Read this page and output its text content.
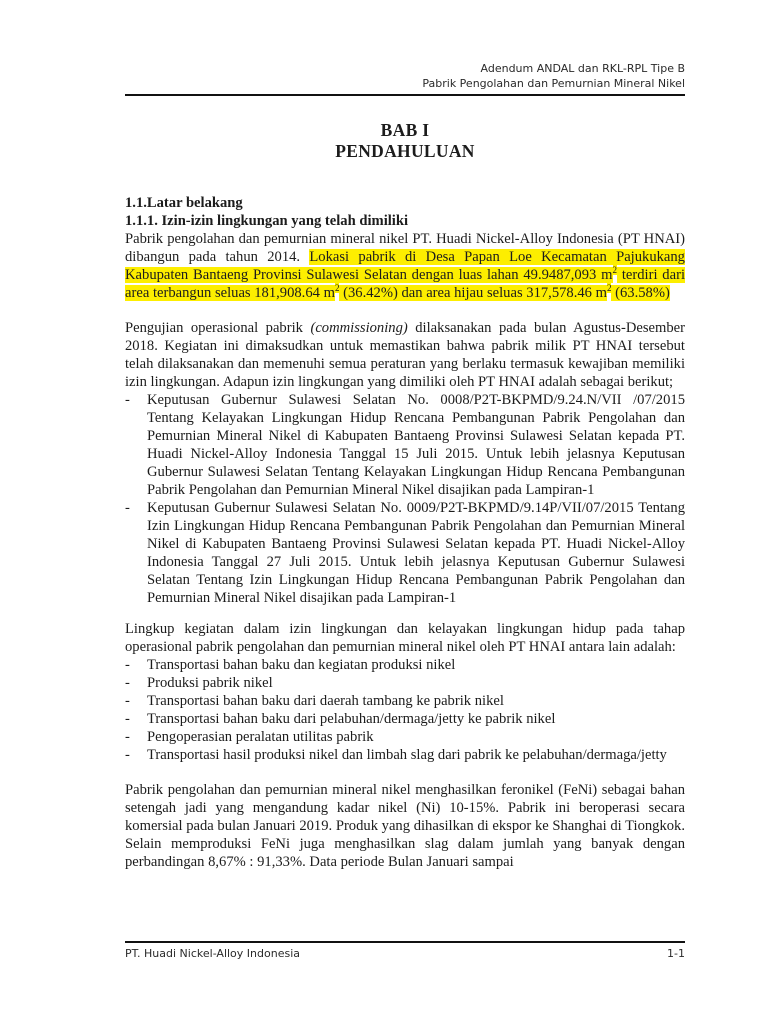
Adendum ANDAL dan RKL-RPL Tipe B
Pabrik Pengolahan dan Pemurnian Mineral Nikel
BAB I
PENDAHULUAN
1.1.Latar belakang
1.1.1. Izin-izin lingkungan yang telah dimiliki

Pabrik pengolahan dan pemurnian mineral nikel PT. Huadi Nickel-Alloy Indonesia (PT HNAI) dibangun pada tahun 2014. Lokasi pabrik di Desa Papan Loe Kecamatan Pajukukang Kabupaten Bantaeng Provinsi Sulawesi Selatan dengan luas lahan 49.9487,093 $m^2$ terdiri dari area terbangun seluas 181,908.64 $m^2$ (36.42%) dan area hijau seluas 317,578.46 $m^2$ (63.58%)

Pengujian operasional pabrik (commissioning) dilaksanakan pada bulan Agustus-Desember 2018. Kegiatan ini dimaksudkan untuk memastikan bahwa pabrik milik PT HNAI tersebut telah dilaksanakan dan memenuhi semua peraturan yang berlaku termasuk kewajiban memiliki izin lingkungan. Adapun izin lingkungan yang dimiliki oleh PT HNAI adalah sebagai berikut;

-	Keputusan Gubernur Sulawesi Selatan No. 0008/P2T-BKPMD/9.24.N/VII /07/2015 Tentang Kelayakan Lingkungan Hidup Rencana Pembangunan Pabrik Pengolahan dan Pemurnian Mineral Nikel di Kabupaten Bantaeng Provinsi Sulawesi Selatan kepada PT. Huadi Nickel-Alloy Indonesia Tanggal 15 Juli 2015. Untuk lebih jelasnya Keputusan Gubernur Sulawesi Selatan Tentang Kelayakan Lingkungan Hidup Rencana Pembangunan Pabrik Pengolahan dan Pemurnian Mineral Nikel disajikan pada Lampiran-1
-	Keputusan Gubernur Sulawesi Selatan No. 0009/P2T-BKPMD/9.14P/VII/07/2015 Tentang Izin Lingkungan Hidup Rencana Pembangunan Pabrik Pengolahan dan Pemurnian Mineral Nikel di Kabupaten Bantaeng Provinsi Sulawesi Selatan kepada PT. Huadi Nickel-Alloy Indonesia Tanggal 27 Juli 2015. Untuk lebih jelasnya Keputusan Gubernur Sulawesi Selatan Tentang Izin Lingkungan Hidup Rencana Pembangunan Pabrik Pengolahan dan Pemurnian Mineral Nikel disajikan pada Lampiran-1

Lingkup kegiatan dalam izin lingkungan dan kelayakan lingkungan hidup pada tahap operasional pabrik pengolahan dan pemurnian mineral nikel oleh PT HNAI antara lain adalah:

-	Transportasi bahan baku dan kegiatan produksi nikel
-	Produksi pabrik nikel
-	Transportasi bahan baku dari daerah tambang ke pabrik nikel
-	Transportasi bahan baku dari pelabuhan/dermaga/jetty ke pabrik nikel
-	Pengoperasian peralatan utilitas pabrik
-	Transportasi hasil produksi nikel dan limbah slag dari pabrik ke pelabuhan/dermaga/jetty

Pabrik pengolahan dan pemurnian mineral nikel menghasilkan feronikel (FeNi) sebagai bahan setengah jadi yang mengandung kadar nikel (Ni) 10-15%. Pabrik ini beroperasi secara komersial pada bulan Januari 2019. Produk yang dihasilkan di ekspor ke Shanghai di Tiongkok. Selain memproduksi FeNi juga menghasilkan slag dalam jumlah yang banyak dengan perbandingan 8,67% : 91,33%. Data periode Bulan Januari sampai

PT. Huadi Nickel-Alloy Indonesia	1-1
